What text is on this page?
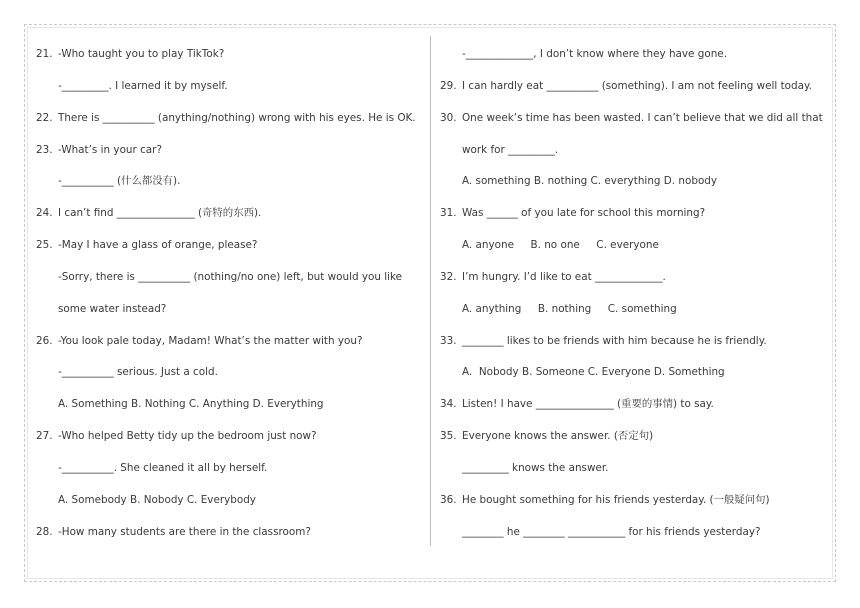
21. -Who taught you to play TikTok?
-_________. I learned it by myself.
22. There is __________ (anything/nothing) wrong with his eyes. He is OK.
23. -What’s in your car?
-__________ (什么都没有).
24. I can’t find _______________ (奇特的东西).
25. -May I have a glass of orange, please?
-Sorry, there is __________ (nothing/no one) left, but would you like
some water instead?
26. -You look pale today, Madam! What’s the matter with you?
-__________ serious. Just a cold.
A. Something B. Nothing C. Anything D. Everything
27. -Who helped Betty tidy up the bedroom just now?
-__________. She cleaned it all by herself.
A. Somebody B. Nobody C. Everybody
28. -How many students are there in the classroom?
-_____________, I don’t know where they have gone.
29. I can hardly eat __________ (something). I am not feeling well today.
30. One week’s time has been wasted. I can’t believe that we did all that
work for _________.
A. something B. nothing C. everything D. nobody
31. Was ______ of you late for school this morning?
A. anyone     B. no one     C. everyone
32. I’m hungry. I’d like to eat _____________.
A. anything     B. nothing     C. something
33. ________ likes to be friends with him because he is friendly.
A.  Nobody B. Someone C. Everyone D. Something
34. Listen! I have _______________ (重要的事情) to say.
35. Everyone knows the answer. (否定句)
_________ knows the answer.
36. He bought something for his friends yesterday. (一般疑问句)
________ he ________ ___________ for his friends yesterday?
